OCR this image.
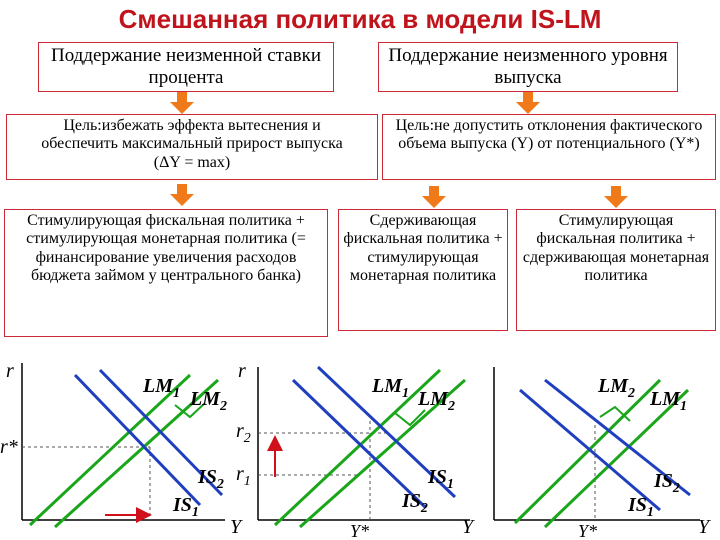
Смешанная политика в модели IS-LM
Поддержание неизменной ставки процента
Поддержание неизменного уровня выпуска
Цель:избежать эффекта вытеснения и обеспечить максимальный прирост выпуска (ΔY = max)
Цель:не допустить отклонения фактического объема выпуска (Y) от потенциального (Y*)
Стимулирующая фискальная политика + стимулирующая монетарная политика (= финансирование увеличения расходов бюджета займом у центрального банка)
Сдерживающая фискальная политика + стимулирующая монетарная политика
Стимулирующая фискальная политика + сдерживающая монетарная политика
r
Y
r*
$LM_1$ $LM_2$
$IS_2$
$IS_1$
r
Y
Y*
$r_2$
$r_1$
$LM_1$ $LM_2$
$IS_1$
$IS_2$
Y
Y*
$LM_2$ $LM_1$
$IS_2$
$IS_1$
